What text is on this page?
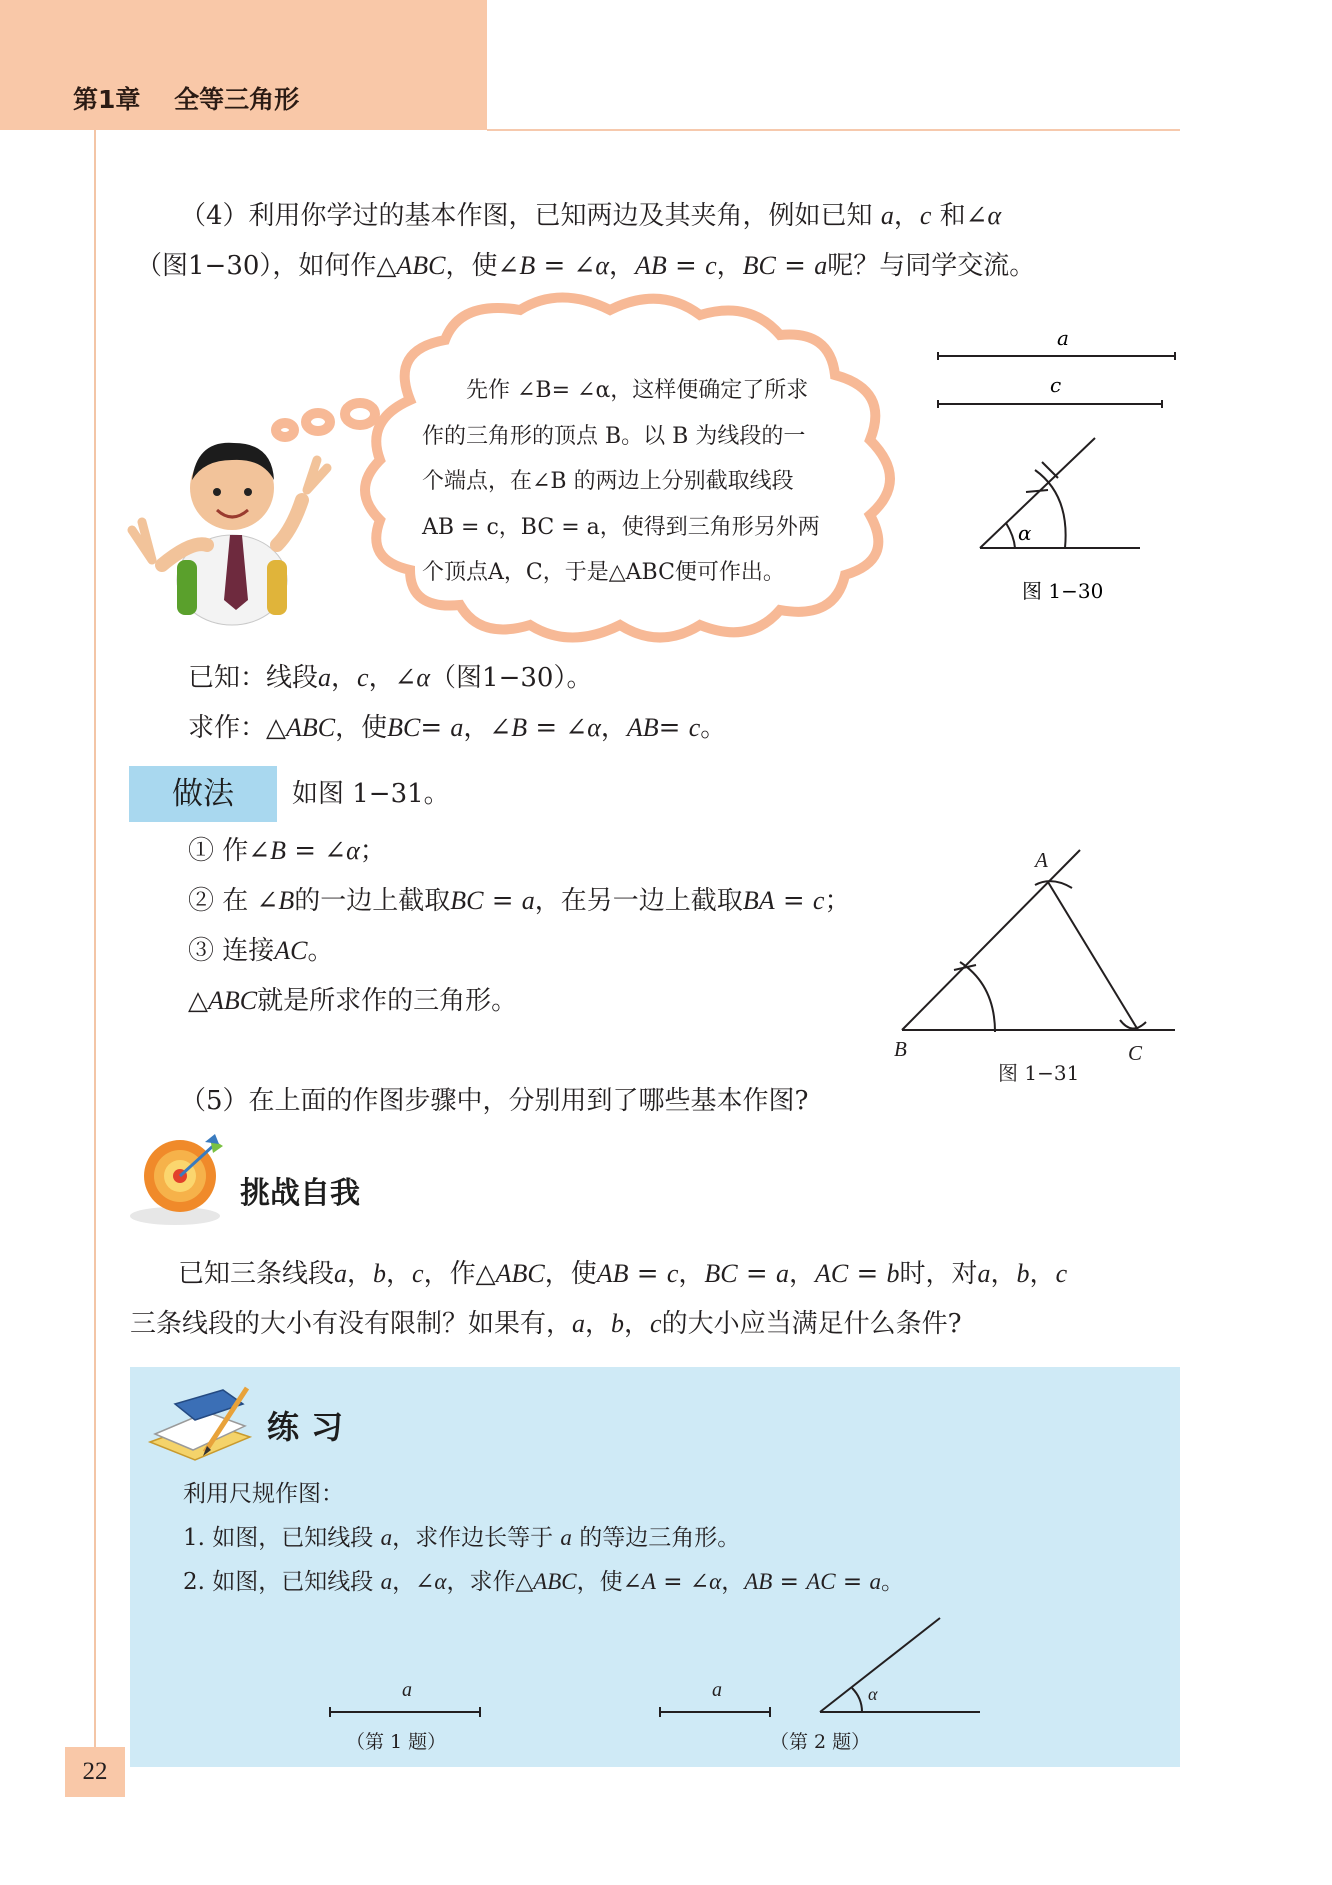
第1章　 全等三角形
（4）利用你学过的基本作图，已知两边及其夹角，例如已知 a，c 和∠α
（图1−30），如何作△ABC，使∠B = ∠α，AB = c，BC = a呢？与同学交流。
　　先作 ∠B= ∠α，这样便确定了所求
作的三角形的顶点 B。以 B 为线段的一
个端点，在∠B 的两边上分别截取线段
AB = c，BC = a，使得到三角形另外两
个顶点A，C，于是△ABC便可作出。
a
c
α
图 1−30
已知：线段a，c，∠α（图1−30）。
求作：△ABC，使BC= a，∠B = ∠α，AB= c。
做法	如图 1−31。
① 作∠B = ∠α；
② 在 ∠B的一边上截取BC = a，在另一边上截取BA = c；
③ 连接AC。
△ABC就是所求作的三角形。
A
B	C
图 1−31
（5）在上面的作图步骤中，分别用到了哪些基本作图?
挑战自我
已知三条线段a，b，c，作△ABC，使AB = c，BC = a，AC = b时，对a，b，c
三条线段的大小有没有限制？如果有，a，b，c的大小应当满足什么条件?
练习
利用尺规作图：
1. 如图，已知线段 a，求作边长等于 a 的等边三角形。
2. 如图，已知线段 a，∠α，求作△ABC，使∠A = ∠α，AB = AC = a。
a
（第 1 题）
a	α
（第 2 题）
22
